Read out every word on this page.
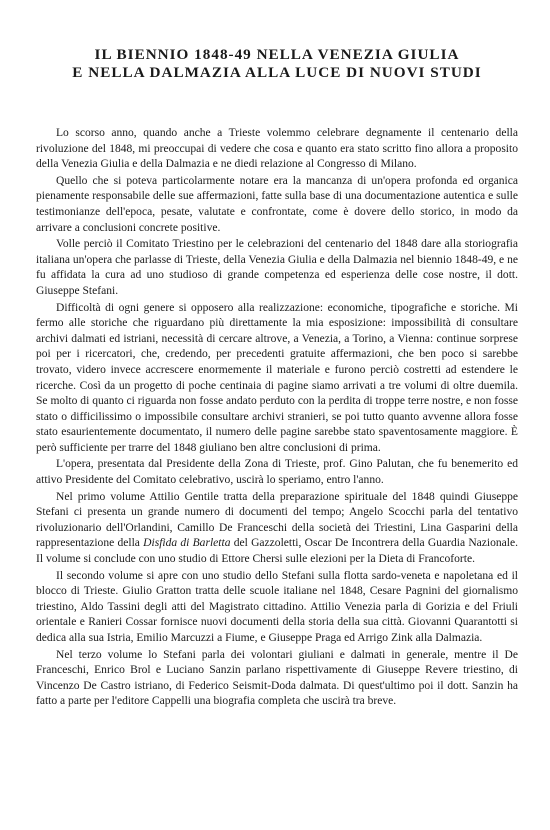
IL BIENNIO 1848-49 NELLA VENEZIA GIULIA
E NELLA DALMAZIA ALLA LUCE DI NUOVI STUDI

Lo scorso anno, quando anche a Trieste volemmo celebrare degnamente il centenario della rivoluzione del 1848, mi preoccupai di vedere che cosa e quanto era stato scritto fino allora a proposito della Venezia Giulia e della Dalmazia e ne diedi relazione al Congresso di Milano.

Quello che si poteva particolarmente notare era la mancanza di un'opera profonda ed organica pienamente responsabile delle sue affermazioni, fatte sulla base di una documentazione autentica e sulle testimonianze dell'epoca, pesate, valutate e confrontate, come è dovere dello storico, in modo da arrivare a conclusioni concrete positive.

Volle perciò il Comitato Triestino per le celebrazioni del centenario del 1848 dare alla storiografia italiana un'opera che parlasse di Trieste, della Venezia Giulia e della Dalmazia nel biennio 1848-49, e ne fu affidata la cura ad uno studioso di grande competenza ed esperienza delle cose nostre, il dott. Giuseppe Stefani.

Difficoltà di ogni genere si opposero alla realizzazione: economiche, tipografiche e storiche. Mi fermo alle storiche che riguardano più direttamente la mia esposizione: impossibilità di consultare archivi dalmati ed istriani, necessità di cercare altrove, a Venezia, a Torino, a Vienna: continue sorprese poi per i ricercatori, che, credendo, per precedenti gratuite affermazioni, che ben poco si sarebbe trovato, videro invece accrescere enormemente il materiale e furono perciò costretti ad estendere le ricerche. Così da un progetto di poche centinaia di pagine siamo arrivati a tre volumi di oltre duemila. Se molto di quanto ci riguarda non fosse andato perduto con la perdita di troppe terre nostre, e non fosse stato o difficilissimo o impossibile consultare archivi stranieri, se poi tutto quanto avvenne allora fosse stato esaurientemente documentato, il numero delle pagine sarebbe stato spaventosamente maggiore. È però sufficiente per trarre del 1848 giuliano ben altre conclusioni di prima.

L'opera, presentata dal Presidente della Zona di Trieste, prof. Gino Palutan, che fu benemerito ed attivo Presidente del Comitato celebrativo, uscirà lo speriamo, entro l'anno.

Nel primo volume Attilio Gentile tratta della preparazione spirituale del 1848 quindi Giuseppe Stefani ci presenta un grande numero di documenti del tempo; Angelo Scocchi parla del tentativo rivoluzionario dell'Orlandini, Camillo De Franceschi della società dei Triestini, Lina Gasparini della rappresentazione della Disfida di Barletta del Gazzoletti, Oscar De Incontrera della Guardia Nazionale. Il volume si conclude con uno studio di Ettore Chersi sulle elezioni per la Dieta di Francoforte.

Il secondo volume si apre con uno studio dello Stefani sulla flotta sardo-veneta e napoletana ed il blocco di Trieste. Giulio Gratton tratta delle scuole italiane nel 1848, Cesare Pagnini del giornalismo triestino, Aldo Tassini degli atti del Magistrato cittadino. Attilio Venezia parla di Gorizia e del Friuli orientale e Ranieri Cossar fornisce nuovi documenti della storia della sua città. Giovanni Quarantotti si dedica alla sua Istria, Emilio Marcuzzi a Fiume, e Giuseppe Praga ed Arrigo Zink alla Dalmazia.

Nel terzo volume lo Stefani parla dei volontari giuliani e dalmati in generale, mentre il De Franceschi, Enrico Brol e Luciano Sanzin parlano rispettivamente di Giuseppe Revere triestino, di Vincenzo De Castro istriano, di Federico Seismit-Doda dalmata. Di quest'ultimo poi il dott. Sanzin ha fatto a parte per l'editore Cappelli una biografia completa che uscirà tra breve.
